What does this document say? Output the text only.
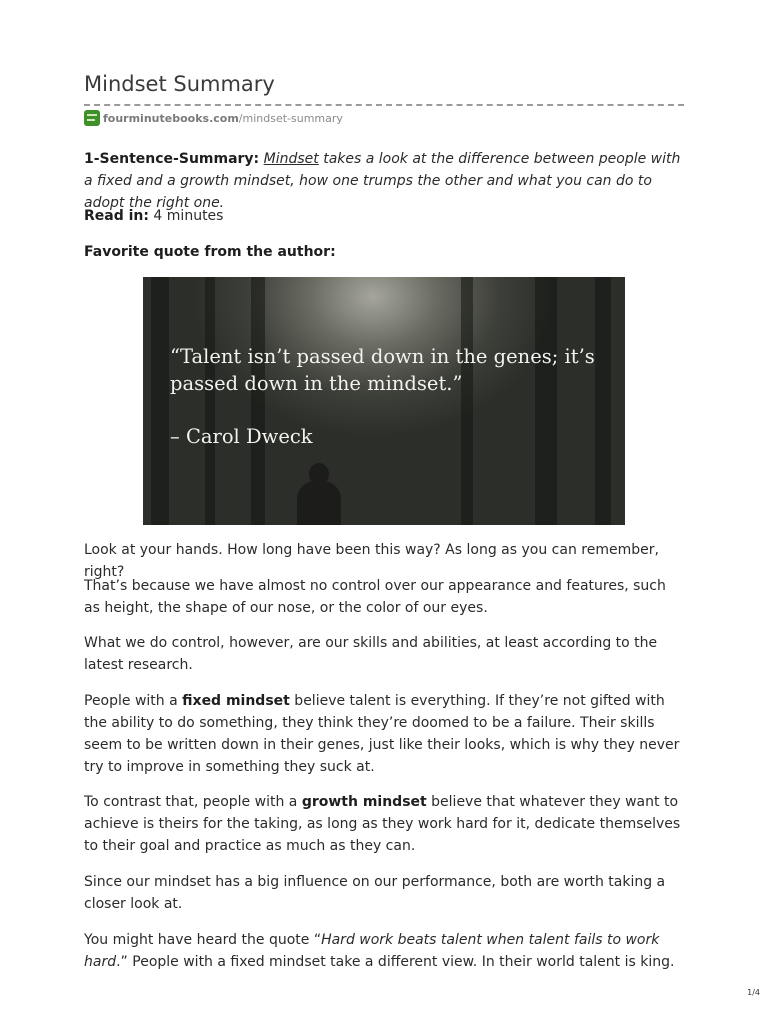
Mindset Summary
fourminutebooks.com /mindset-summary

1-Sentence-Summary: Mindset takes a look at the difference between people with a fixed and a growth mindset, how one trumps the other and what you can do to adopt the right one.

Read in: 4 minutes

Favorite quote from the author:

“Talent isn’t passed down in the genes; it’s passed down in the mindset.”
– Carol Dweck

Look at your hands. How long have been this way? As long as you can remember, right?

That’s because we have almost no control over our appearance and features, such as height, the shape of our nose, or the color of our eyes.

What we do control, however, are our skills and abilities, at least according to the latest research.

People with a fixed mindset believe talent is everything. If they’re not gifted with the ability to do something, they think they’re doomed to be a failure. Their skills seem to be written down in their genes, just like their looks, which is why they never try to improve in something they suck at.

To contrast that, people with a growth mindset believe that whatever they want to achieve is theirs for the taking, as long as they work hard for it, dedicate themselves to their goal and practice as much as they can.

Since our mindset has a big influence on our performance, both are worth taking a closer look at.

You might have heard the quote “Hard work beats talent when talent fails to work hard.” People with a fixed mindset take a different view. In their world talent is king.

1/4
